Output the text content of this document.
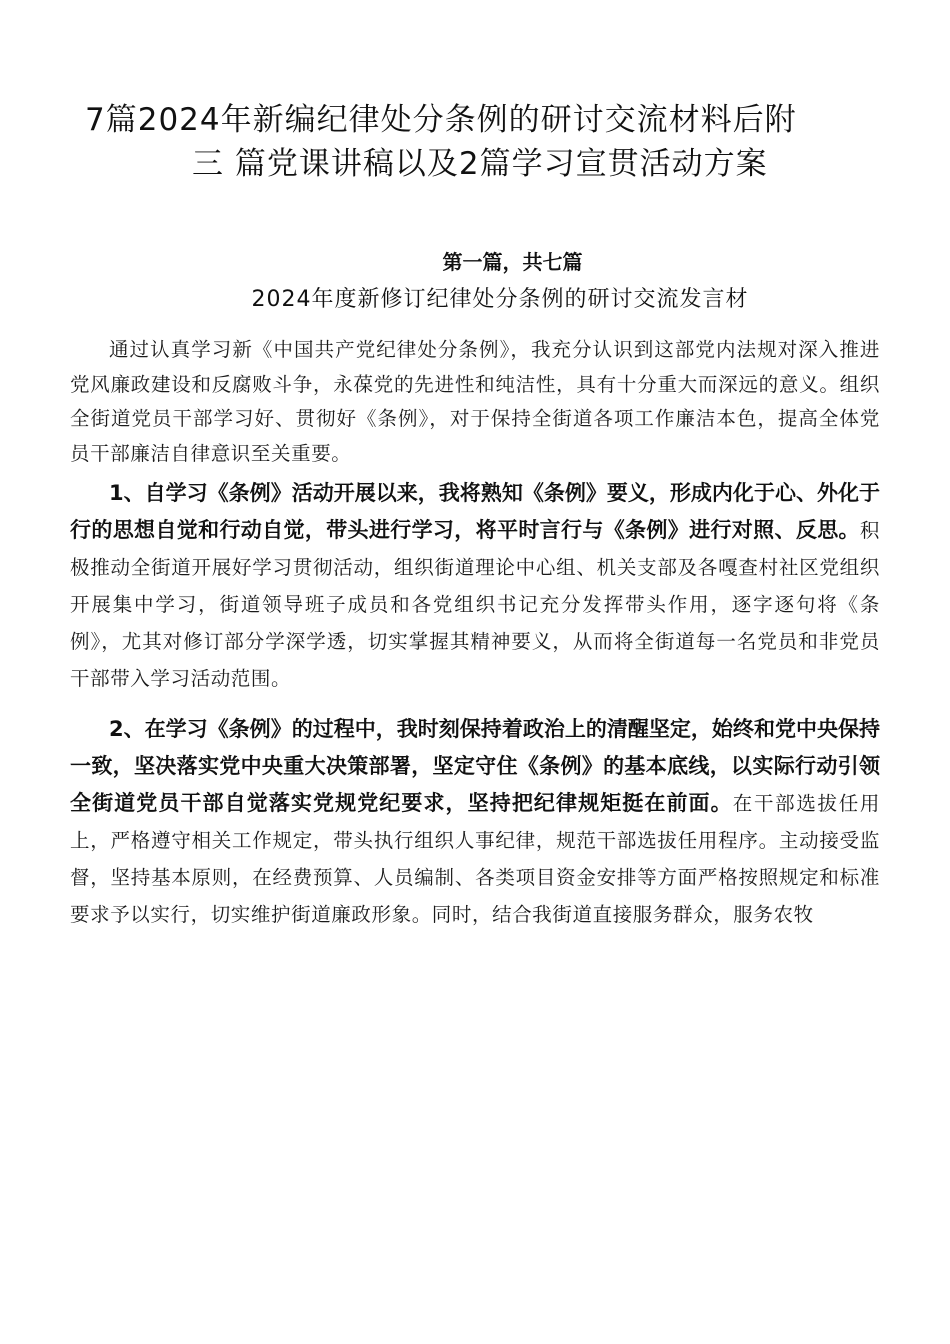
7篇2024年新编纪律处分条例的研讨交流材料后附
三 篇党课讲稿以及2篇学习宣贯活动方案
第一篇，共七篇
2024年度新修订纪律处分条例的研讨交流发言材

通过认真学习新《中国共产党纪律处分条例》，我充分认识到这部党内法规对深入推进党风廉政建设和反腐败斗争，永葆党的先进性和纯洁性，具有十分重大而深远的意义。组织全街道党员干部学习好、贯彻好《条例》，对于保持全街道各项工作廉洁本色，提高全体党员干部廉洁自律意识至关重要。

1、自学习《条例》活动开展以来，我将熟知《条例》要义，形成内化于心、外化于行的思想自觉和行动自觉，带头进行学习，将平时言行与《条例》进行对照、反思。积极推动全街道开展好学习贯彻活动，组织街道理论中心组、机关支部及各嘎查村社区党组织开展集中学习，街道领导班子成员和各党组织书记充分发挥带头作用，逐字逐句将《条例》，尤其对修订部分学深学透，切实掌握其精神要义，从而将全街道每一名党员和非党员干部带入学习活动范围。

2、在学习《条例》的过程中，我时刻保持着政治上的清醒坚定，始终和党中央保持一致，坚决落实党中央重大决策部署，坚定守住《条例》的基本底线，以实际行动引领全街道党员干部自觉落实党规党纪要求，坚持把纪律规矩挺在前面。在干部选拔任用上，严格遵守相关工作规定，带头执行组织人事纪律，规范干部选拔任用程序。主动接受监督，坚持基本原则，在经费预算、人员编制、各类项目资金安排等方面严格按照规定和标准要求予以实行，切实维护街道廉政形象。同时，结合我街道直接服务群众，服务农牧
